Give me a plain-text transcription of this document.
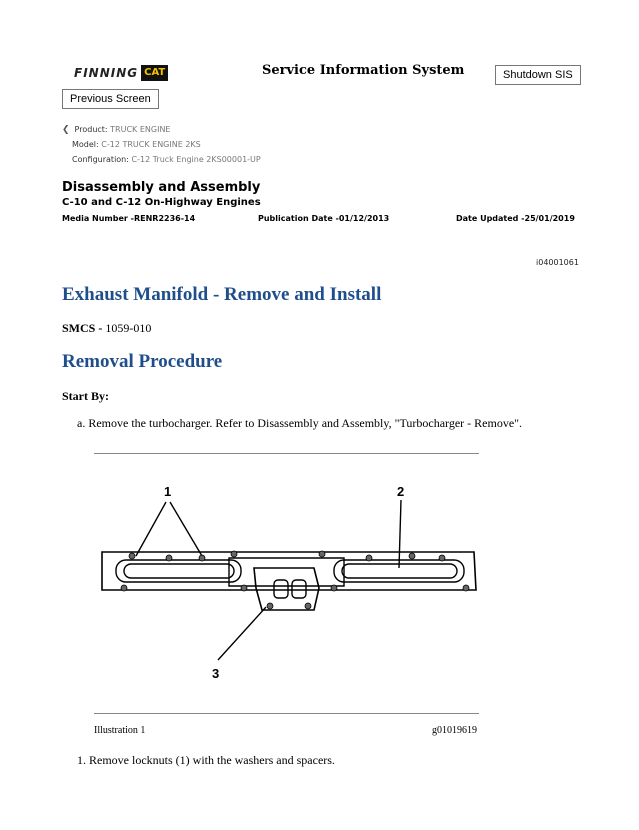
FINNING CAT	Service Information System	Shutdown SIS
Previous Screen
❮ Product: TRUCK ENGINE
Model: C-12 TRUCK ENGINE 2KS
Configuration: C-12 Truck Engine 2KS00001-UP
Disassembly and Assembly
C-10 and C-12 On-Highway Engines
Media Number -RENR2236-14	Publication Date -01/12/2013	Date Updated -25/01/2019
i04001061
Exhaust Manifold - Remove and Install
SMCS - 1059-010
Removal Procedure
Start By:
a. Remove the turbocharger. Refer to Disassembly and Assembly, "Turbocharger - Remove".
1	2
3
Illustration 1	g01019619
1. Remove locknuts (1) with the washers and spacers.
